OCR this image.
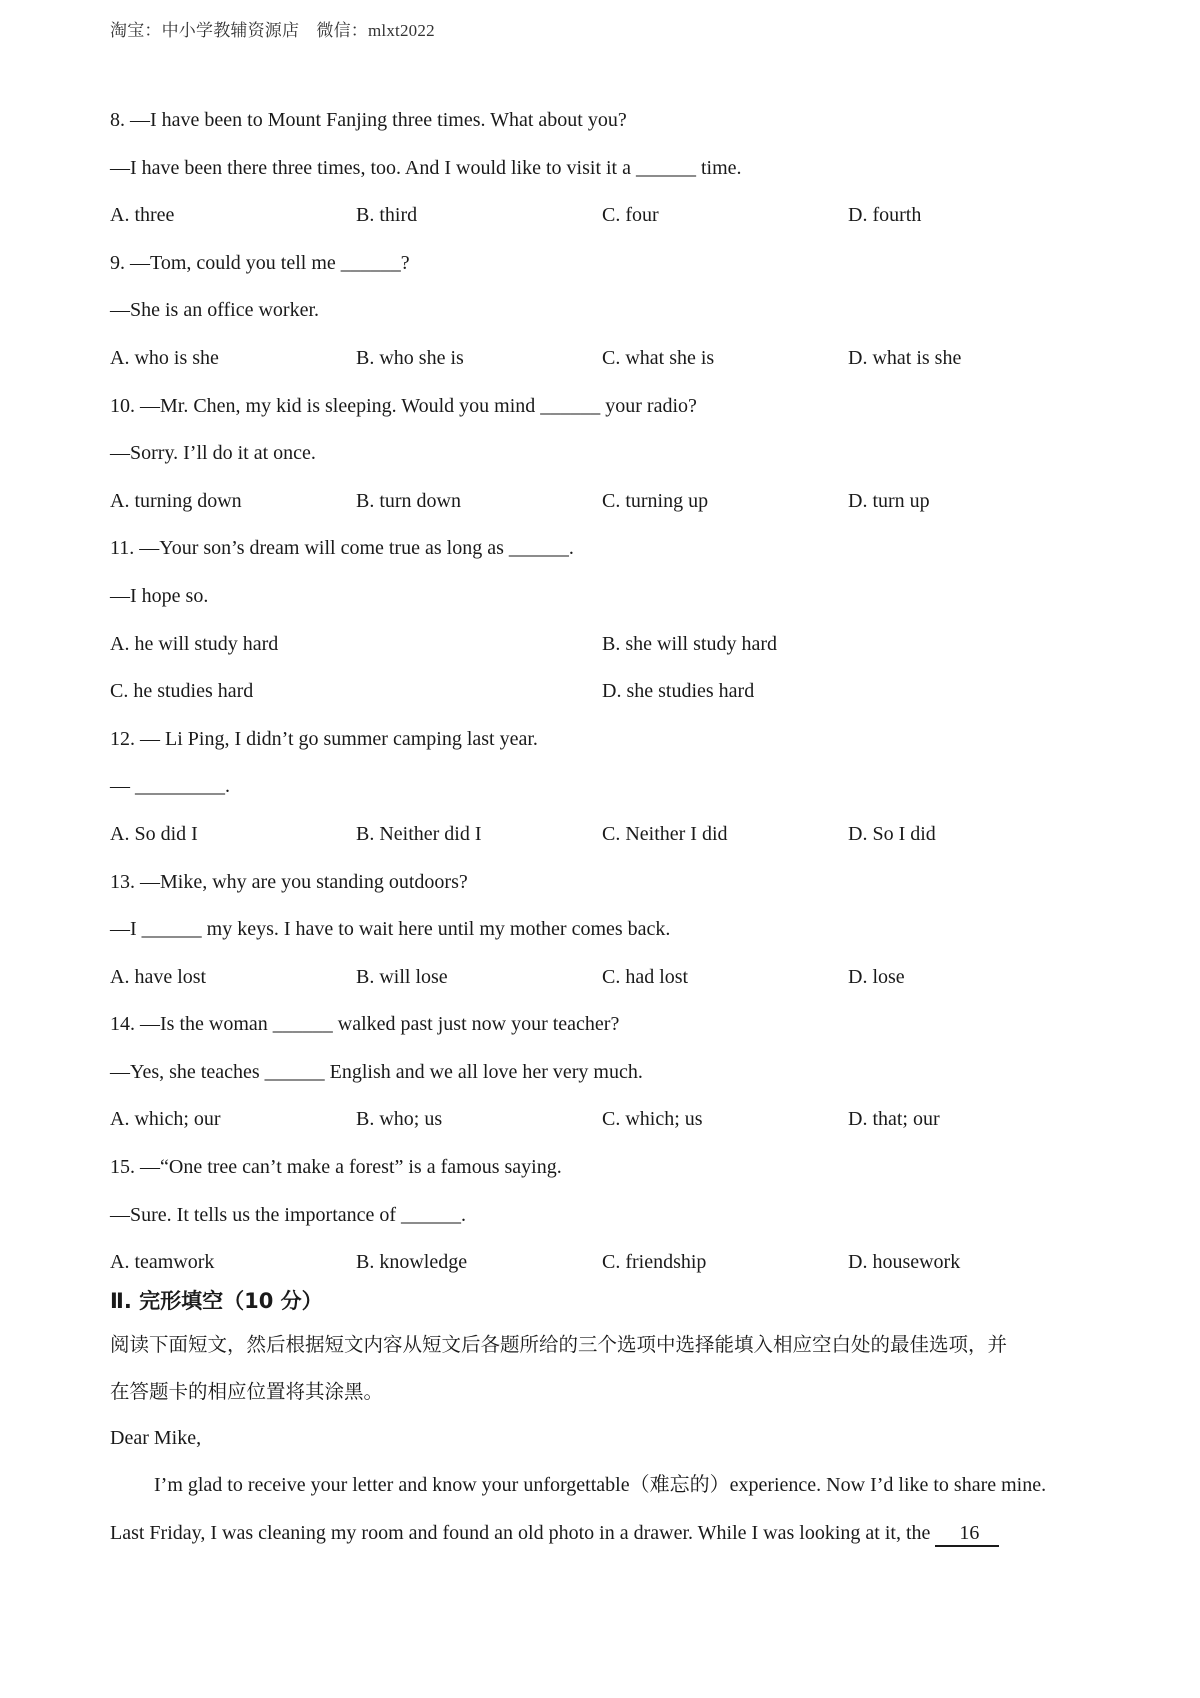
淘宝：中小学教辅资源店　微信：mlxt2022
8. —I have been to Mount Fanjing three times. What about you?
—I have been there three times, too. And I would like to visit it a ______ time.
A. three	B. third	C. four	D. fourth
9. —Tom, could you tell me ______?
—She is an office worker.
A. who is she	B. who she is	C. what she is	D. what is she
10. —Mr. Chen, my kid is sleeping. Would you mind ______ your radio?
—Sorry. I’ll do it at once.
A. turning down	B. turn down	C. turning up	D. turn up
11. —Your son’s dream will come true as long as ______.
—I hope so.
A. he will study hard	B. she will study hard
C. he studies hard	D. she studies hard
12. — Li Ping, I didn’t go summer camping last year.
— _________.
A. So did I	B. Neither did I	C. Neither I did	D. So I did
13. —Mike, why are you standing outdoors?
—I ______ my keys. I have to wait here until my mother comes back.
A. have lost	B. will lose	C. had lost	D. lose
14. —Is the woman ______ walked past just now your teacher?
—Yes, she teaches ______ English and we all love her very much.
A. which; our	B. who; us	C. which; us	D. that; our
15. —“One tree can’t make a forest” is a famous saying.
—Sure. It tells us the importance of ______.
A. teamwork	B. knowledge	C. friendship	D. housework
Ⅱ. 完形填空（10 分）
阅读下面短文，然后根据短文内容从短文后各题所给的三个选项中选择能填入相应空白处的最佳选项，并
在答题卡的相应位置将其涂黑。
Dear Mike,
I’m glad to receive your letter and know your unforgettable（难忘的）experience. Now I’d like to share mine.
Last Friday, I was cleaning my room and found an old photo in a drawer. While I was looking at it, the 16
